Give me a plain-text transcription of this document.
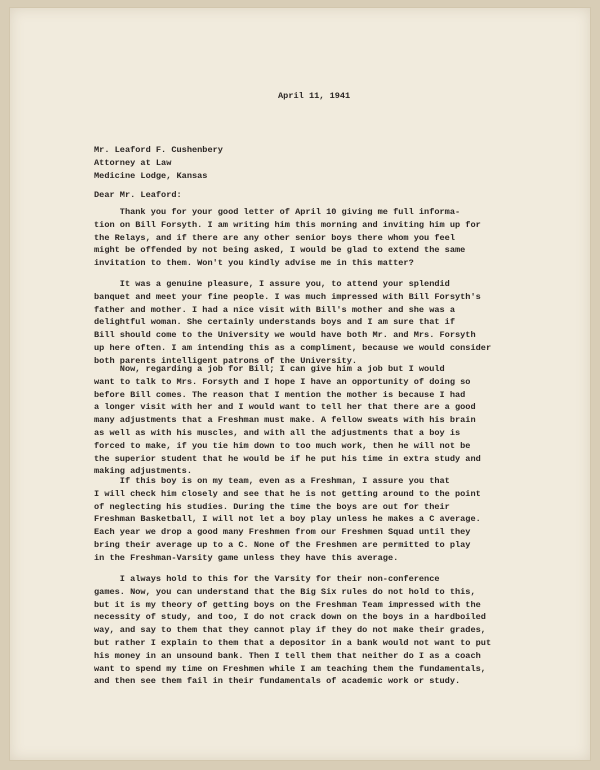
April 11, 1941

Mr. Leaford F. Cushenbery
Attorney at Law
Medicine Lodge, Kansas

Dear Mr. Leaford:

Thank you for your good letter of April 10 giving me full informa-
tion on Bill Forsyth. I am writing him this morning and inviting him up for
the Relays, and if there are any other senior boys there whom you feel
might be offended by not being asked, I would be glad to extend the same
invitation to them. Won't you kindly advise me in this matter?

It was a genuine pleasure, I assure you, to attend your splendid
banquet and meet your fine people. I was much impressed with Bill Forsyth's
father and mother. I had a nice visit with Bill's mother and she was a
delightful woman. She certainly understands boys and I am sure that if
Bill should come to the University we would have both Mr. and Mrs. Forsyth
up here often. I am intending this as a compliment, because we would consider
both parents intelligent patrons of the University.

Now, regarding a job for Bill; I can give him a job but I would
want to talk to Mrs. Forsyth and I hope I have an opportunity of doing so
before Bill comes. The reason that I mention the mother is because I had
a longer visit with her and I would want to tell her that there are a good
many adjustments that a Freshman must make. A fellow sweats with his brain
as well as with his muscles, and with all the adjustments that a boy is
forced to make, if you tie him down to too much work, then he will not be
the superior student that he would be if he put his time in extra study and
making adjustments.

If this boy is on my team, even as a Freshman, I assure you that
I will check him closely and see that he is not getting around to the point
of neglecting his studies. During the time the boys are out for their
Freshman Basketball, I will not let a boy play unless he makes a C average.
Each year we drop a good many Freshmen from our Freshmen Squad until they
bring their average up to a C. None of the Freshmen are permitted to play
in the Freshman-Varsity game unless they have this average.

I always hold to this for the Varsity for their non-conference
games. Now, you can understand that the Big Six rules do not hold to this,
but it is my theory of getting boys on the Freshman Team impressed with the
necessity of study, and too, I do not crack down on the boys in a hardboiled
way, and say to them that they cannot play if they do not make their grades,
but rather I explain to them that a depositor in a bank would not want to put
his money in an unsound bank. Then I tell them that neither do I as a coach
want to spend my time on Freshmen while I am teaching them the fundamentals,
and then see them fail in their fundamentals of academic work or study.
